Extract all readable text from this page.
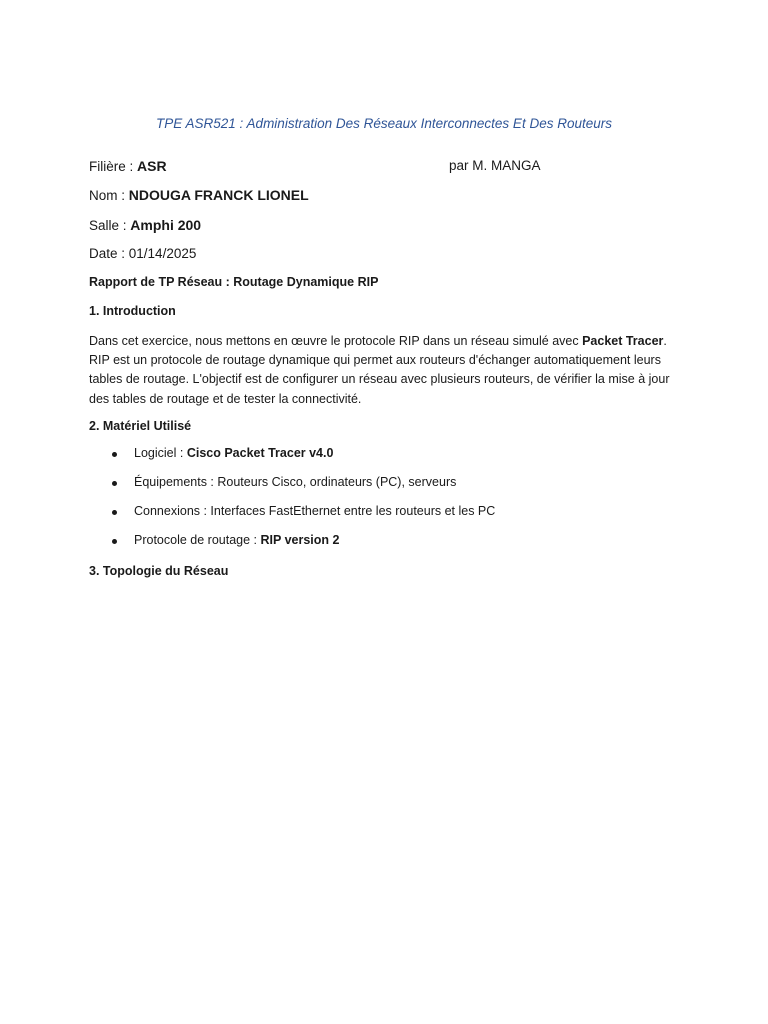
TPE ASR521 : Administration Des Réseaux Interconnectes Et Des Routeurs
Filière : ASR	par M. MANGA
Nom : NDOUGA FRANCK LIONEL
Salle : Amphi 200
Date : 01/14/2025
Rapport de TP Réseau : Routage Dynamique RIP
1. Introduction
Dans cet exercice, nous mettons en œuvre le protocole RIP dans un réseau simulé avec Packet Tracer. RIP est un protocole de routage dynamique qui permet aux routeurs d'échanger automatiquement leurs tables de routage. L'objectif est de configurer un réseau avec plusieurs routeurs, de vérifier la mise à jour des tables de routage et de tester la connectivité.
2. Matériel Utilisé
Logiciel : Cisco Packet Tracer v4.0
Équipements : Routeurs Cisco, ordinateurs (PC), serveurs
Connexions : Interfaces FastEthernet entre les routeurs et les PC
Protocole de routage : RIP version 2
3. Topologie du Réseau
